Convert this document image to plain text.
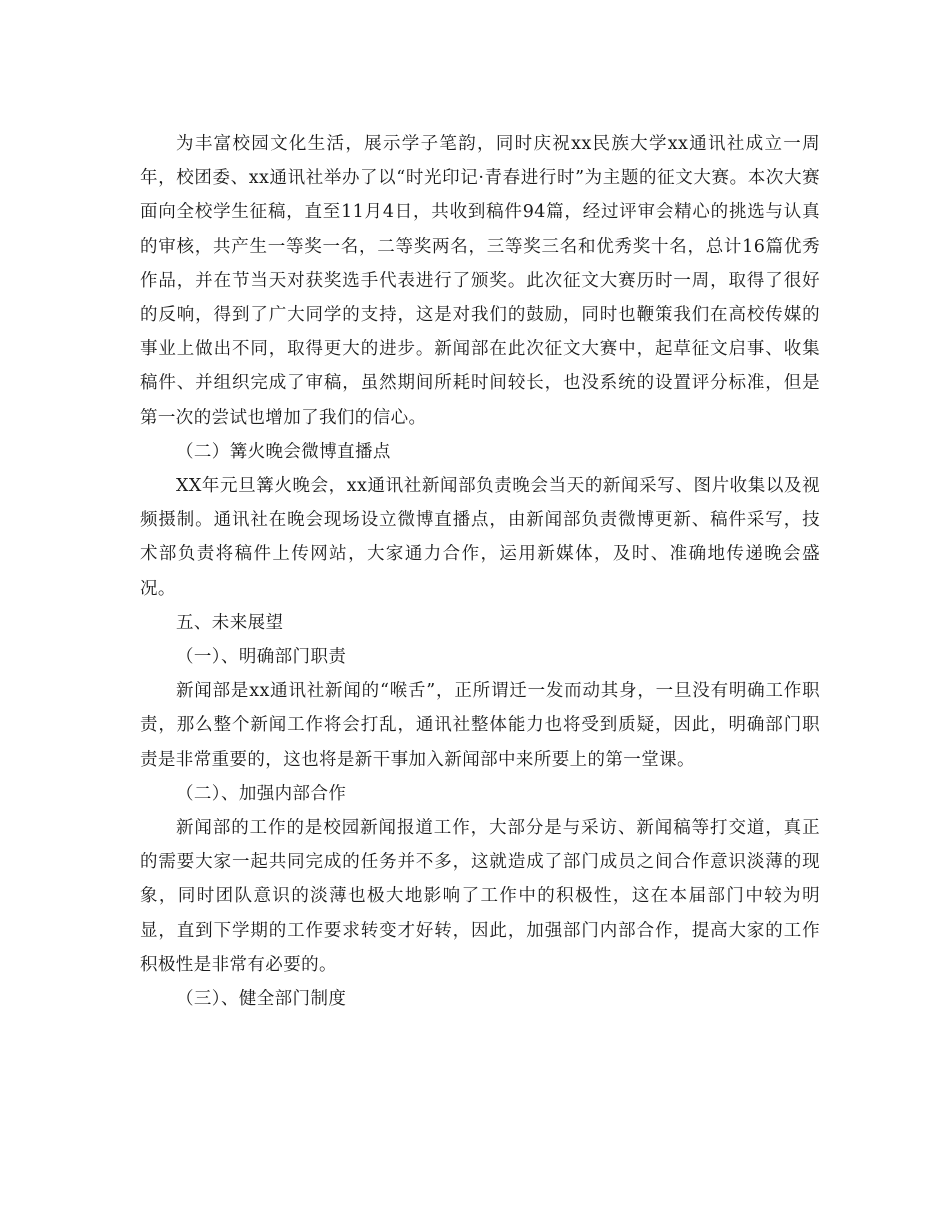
为丰富校园文化生活，展示学子笔韵，同时庆祝xx民族大学xx通讯社成立一周年，校团委、xx通讯社举办了以“时光印记·青春进行时”为主题的征文大赛。本次大赛面向全校学生征稿，直至11月4日，共收到稿件94篇，经过评审会精心的挑选与认真的审核，共产生一等奖一名，二等奖两名，三等奖三名和优秀奖十名，总计16篇优秀作品，并在节当天对获奖选手代表进行了颁奖。此次征文大赛历时一周，取得了很好的反响，得到了广大同学的支持，这是对我们的鼓励，同时也鞭策我们在高校传媒的事业上做出不同，取得更大的进步。新闻部在此次征文大赛中，起草征文启事、收集稿件、并组织完成了审稿，虽然期间所耗时间较长，也没系统的设置评分标准，但是第一次的尝试也增加了我们的信心。

（二）篝火晚会微博直播点

XX年元旦篝火晚会，xx通讯社新闻部负责晚会当天的新闻采写、图片收集以及视频摄制。通讯社在晚会现场设立微博直播点，由新闻部负责微博更新、稿件采写，技术部负责将稿件上传网站，大家通力合作，运用新媒体，及时、准确地传递晚会盛况。

五、未来展望

（一）、明确部门职责

新闻部是xx通讯社新闻的“喉舌”，正所谓迁一发而动其身，一旦没有明确工作职责，那么整个新闻工作将会打乱，通讯社整体能力也将受到质疑，因此，明确部门职责是非常重要的，这也将是新干事加入新闻部中来所要上的第一堂课。

（二）、加强内部合作

新闻部的工作的是校园新闻报道工作，大部分是与采访、新闻稿等打交道，真正的需要大家一起共同完成的任务并不多，这就造成了部门成员之间合作意识淡薄的现象，同时团队意识的淡薄也极大地影响了工作中的积极性，这在本届部门中较为明显，直到下学期的工作要求转变才好转，因此，加强部门内部合作，提高大家的工作积极性是非常有必要的。

（三）、健全部门制度
